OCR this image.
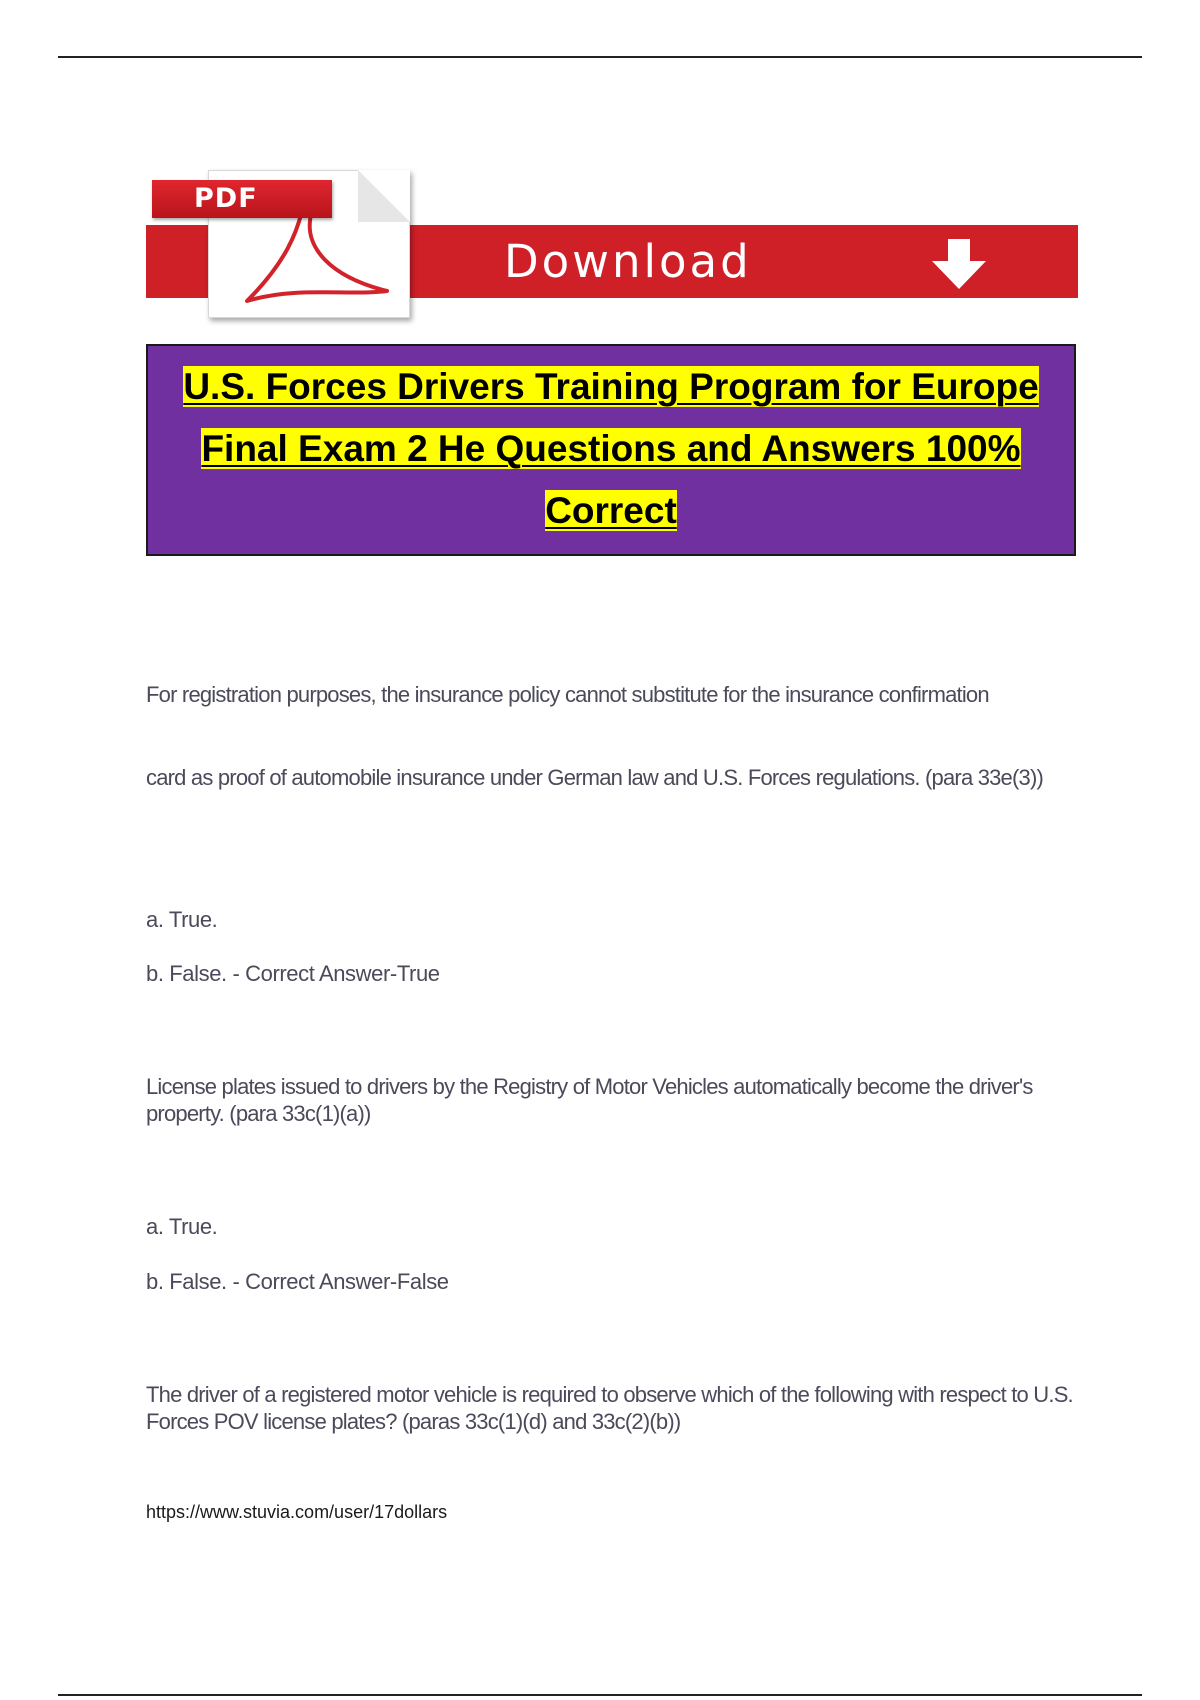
PDF
Download
U.S. Forces Drivers Training Program for Europe
Final Exam 2 He Questions and Answers 100%
Correct

For registration purposes, the insurance policy cannot substitute for the insurance confirmation

card as proof of automobile insurance under German law and U.S. Forces regulations. (para 33e(3))

a. True.

b. False. - Correct Answer-True

License plates issued to drivers by the Registry of Motor Vehicles automatically become the driver's property. (para 33c(1)(a))

a. True.

b. False. - Correct Answer-False

The driver of a registered motor vehicle is required to observe which of the following with respect to U.S. Forces POV license plates? (paras 33c(1)(d) and 33c(2)(b))

https://www.stuvia.com/user/17dollars
